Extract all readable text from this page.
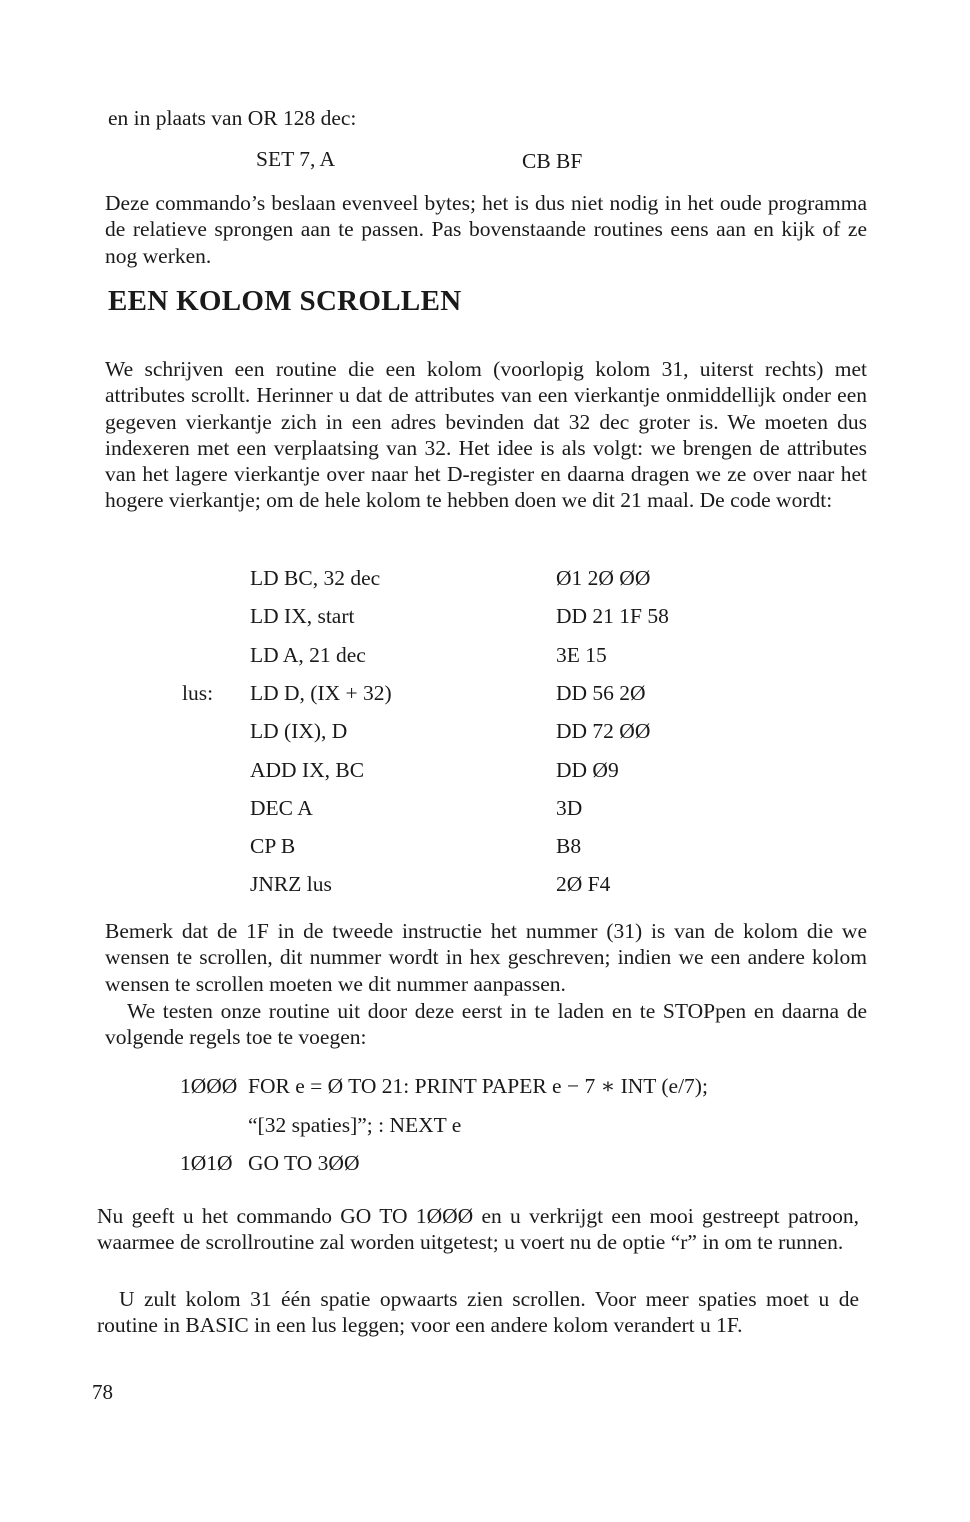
en in plaats van OR 128 dec:
SET 7, A	CB BF
Deze commando’s beslaan evenveel bytes; het is dus niet nodig in het oude programma de relatieve sprongen aan te passen. Pas bovenstaande routines eens aan en kijk of ze nog werken.
EEN KOLOM SCROLLEN
We schrijven een routine die een kolom (voorlopig kolom 31, uiterst rechts) met attributes scrollt. Herinner u dat de attributes van een vierkantje onmiddellijk onder een gegeven vierkantje zich in een adres bevinden dat 32 dec groter is. We moeten dus indexeren met een verplaatsing van 32. Het idee is als volgt: we brengen de attributes van het lagere vierkantje over naar het D-register en daarna dragen we ze over naar het hogere vierkantje; om de hele kolom te hebben doen we dit 21 maal. De code wordt:
LD BC, 32 dec	Ø1 2Ø ØØ
LD IX, start	DD 21 1F 58
LD A, 21 dec	3E 15
lus: LD D, (IX + 32)	DD 56 2Ø
LD (IX), D	DD 72 ØØ
ADD IX, BC	DD Ø9
DEC A	3D
CP B	B8
JNRZ lus	2Ø F4
Bemerk dat de 1F in de tweede instructie het nummer (31) is van de kolom die we wensen te scrollen, dit nummer wordt in hex geschreven; indien we een andere kolom wensen te scrollen moeten we dit nummer aanpassen.
We testen onze routine uit door deze eerst in te laden en te STOPpen en daarna de volgende regels toe te voegen:
1ØØØ FOR e = Ø TO 21: PRINT PAPER e − 7 ∗ INT (e/7);
“[32 spaties]”; : NEXT e
1Ø1Ø GO TO 3ØØ
Nu geeft u het commando GO TO 1ØØØ en u verkrijgt een mooi gestreept patroon, waarmee de scrollroutine zal worden uitgetest; u voert nu de optie “r” in om te runnen.
U zult kolom 31 één spatie opwaarts zien scrollen. Voor meer spaties moet u de routine in BASIC in een lus leggen; voor een andere kolom verandert u 1F.
78
